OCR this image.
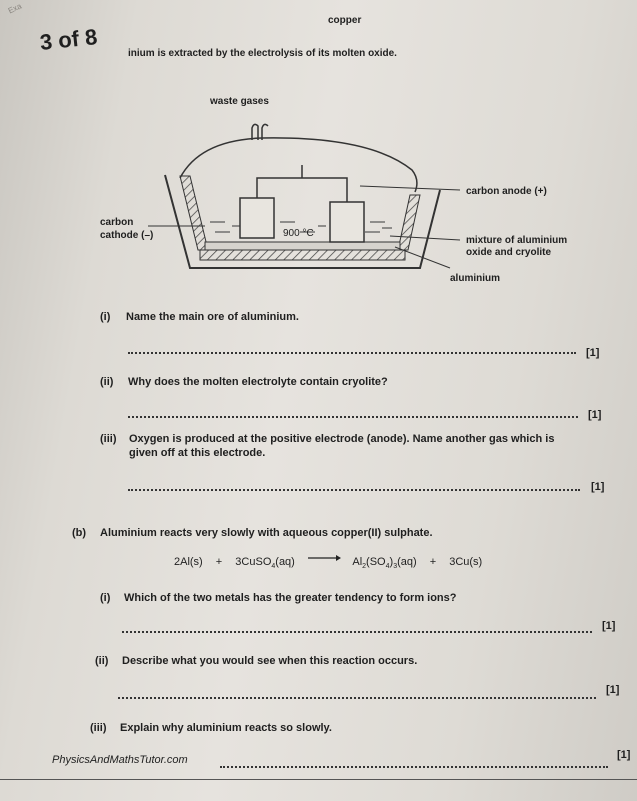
Exa
3 of 8
copper
inium is extracted by the electrolysis of its molten oxide.
waste gases
carbon anode (+)
carbon
cathode (–)	900 °C
mixture of aluminium
oxide and cryolite
aluminium
(i) Name the main ore of aluminium.
[1]
(ii) Why does the molten electrolyte contain cryolite?
[1]
(iii) Oxygen is produced at the positive electrode (anode). Name another gas which is
given off at this electrode.
[1]
(b) Aluminium reacts very slowly with aqueous copper(II) sulphate.
2Al(s) + 3CuSO$_4$(aq)	$Al_2(SO_4)_3(aq) + 3Cu(s)$
(i) Which of the two metals has the greater tendency to form ions?
[1]
(ii) Describe what you would see when this reaction occurs.
[1]
(iii) Explain why aluminium reacts so slowly.
PhysicsAndMathsTutor.com	[1]
